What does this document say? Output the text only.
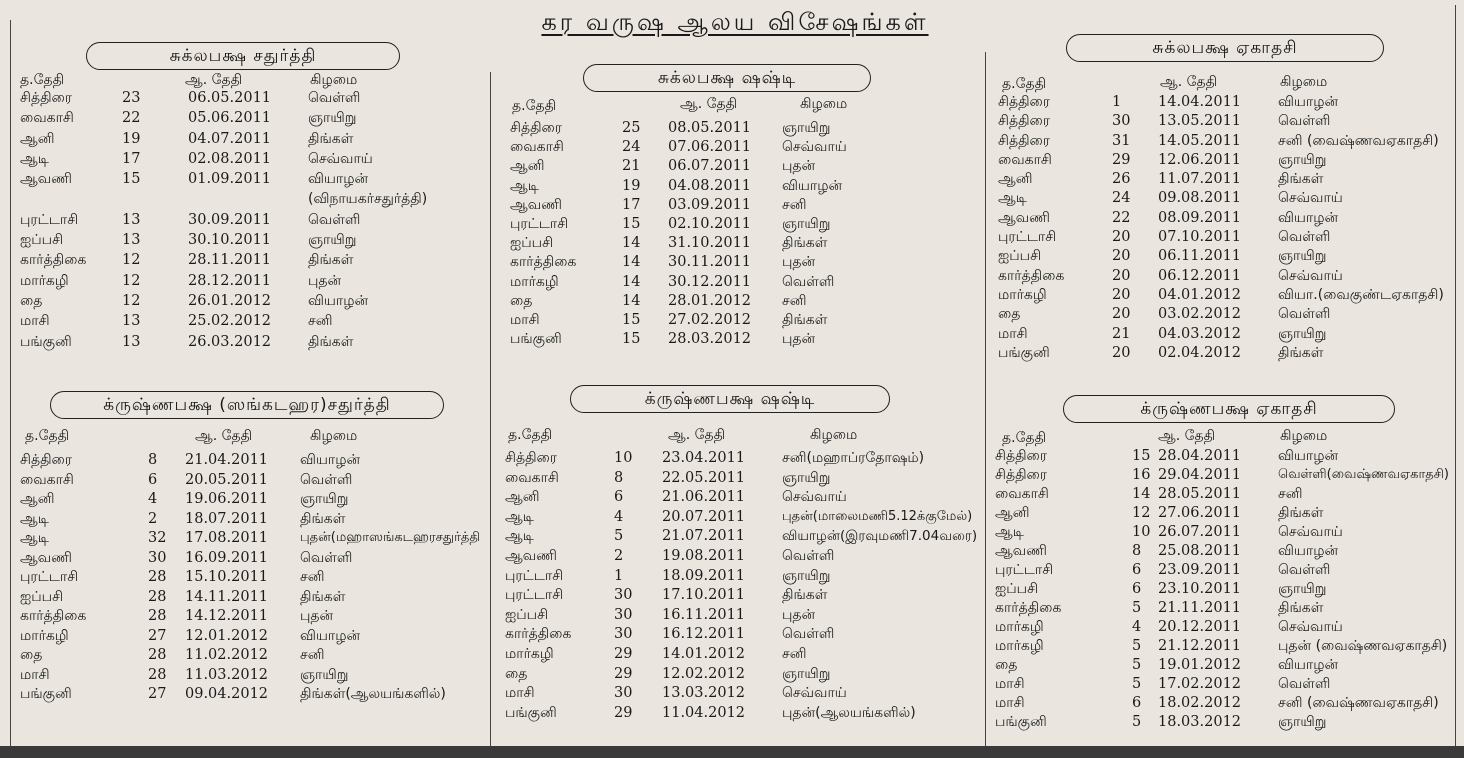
கர வருஷ ஆலய விசேஷங்கள்
சுக்லபக்ஷ சதுர்த்தி
த.தேதி	ஆ. தேதி	கிழமை
சித்திரை	23	06.05.2011	வெள்ளி
வைகாசி	22	05.06.2011	ஞாயிறு
ஆனி	19	04.07.2011	திங்கள்
ஆடி	17	02.08.2011	செவ்வாய்
ஆவணி	15	01.09.2011	வியாழன்
(விநாயகர்சதுர்த்தி)
புரட்டாசி	13	30.09.2011	வெள்ளி
ஐப்பசி	13	30.10.2011	ஞாயிறு
கார்த்திகை 12	28.11.2011	திங்கள்
மார்கழி	12	28.12.2011	புதன்
தை	12	26.01.2012	வியாழன்
மாசி	13	25.02.2012	சனி
பங்குனி	13	26.03.2012	திங்கள்
க்ருஷ்ணபக்ஷ (ஸங்கடஹர)சதுர்த்தி
த.தேதி	ஆ. தேதி	கிழமை
சித்திரை	8 21.04.2011 வியாழன்
வைகாசி	6 20.05.2011 வெள்ளி
ஆனி	4 19.06.2011 ஞாயிறு
ஆடி	2 18.07.2011 திங்கள்
ஆடி	32 17.08.2011 புதன்(மஹாஸங்கடஹரசதுர்த்தி
ஆவணி	30 16.09.2011 வெள்ளி
புரட்டாசி	28 15.10.2011 சனி
ஐப்பசி	28 14.11.2011 திங்கள்
கார்த்திகை	28 14.12.2011 புதன்
மார்கழி	27 12.01.2012 வியாழன்
தை	28 11.02.2012 சனி
மாசி	28 11.03.2012 ஞாயிறு
பங்குனி	27 09.04.2012 திங்கள்(ஆலயங்களில்)
சுக்லபக்ஷ ஷஷ்டி
த.தேதி	ஆ. தேதி	கிழமை
சித்திரை	25 08.05.2011 ஞாயிறு
வைகாசி	24 07.06.2011 செவ்வாய்
ஆனி	21 06.07.2011 புதன்
ஆடி	19 04.08.2011 வியாழன்
ஆவணி	17 03.09.2011 சனி
புரட்டாசி	15 02.10.2011 ஞாயிறு
ஐப்பசி	14 31.10.2011 திங்கள்
கார்த்திகை	14 30.11.2011 புதன்
மார்கழி	14 30.12.2011 வெள்ளி
தை	14 28.01.2012 சனி
மாசி	15 27.02.2012 திங்கள்
பங்குனி	15 28.03.2012 புதன்
க்ருஷ்ணபக்ஷ ஷஷ்டி
த.தேதி	ஆ. தேதி	கிழமை
சித்திரை	10 23.04.2011	சனி(மஹாப்ரதோஷம்)
வைகாசி	8	22.05.2011	ஞாயிறு
ஆனி	6	21.06.2011	செவ்வாய்
ஆடி	4	20.07.2011	புதன்(மாலைமணி5.12க்குமேல்)
ஆடி	5	21.07.2011	வியாழன்(இரவுமணி7.04வரை)
ஆவணி	2	19.08.2011	வெள்ளி
புரட்டாசி	1	18.09.2011	ஞாயிறு
புரட்டாசி	30 17.10.2011	திங்கள்
ஐப்பசி	30 16.11.2011	புதன்
கார்த்திகை	30 16.12.2011	வெள்ளி
மார்கழி	29 14.01.2012	சனி
தை	29 12.02.2012	ஞாயிறு
மாசி	30 13.03.2012	செவ்வாய்
பங்குனி	29 11.04.2012	புதன்(ஆலயங்களில்)
சுக்லபக்ஷ ஏகாதசி
த.தேதி	ஆ. தேதி	கிழமை
சித்திரை	1	14.04.2011	வியாழன்
சித்திரை	30 13.05.2011	வெள்ளி
சித்திரை	31 14.05.2011	சனி (வைஷ்ணவஏகாதசி)
வைகாசி	29 12.06.2011	ஞாயிறு
ஆனி	26 11.07.2011	திங்கள்
ஆடி	24 09.08.2011	செவ்வாய்
ஆவணி	22 08.09.2011	வியாழன்
புரட்டாசி	20 07.10.2011	வெள்ளி
ஐப்பசி	20 06.11.2011	ஞாயிறு
கார்த்திகை	20 06.12.2011	செவ்வாய்
மார்கழி	20 04.01.2012	வியா.(வைகுண்டஏகாதசி)
தை	20 03.02.2012	வெள்ளி
மாசி	21 04.03.2012	ஞாயிறு
பங்குனி	20 02.04.2012	திங்கள்
க்ருஷ்ணபக்ஷ ஏகாதசி
த.தேதி	ஆ. தேதி	கிழமை
சித்திரை	15 28.04.2011	வியாழன்
சித்திரை	16 29.04.2011	வெள்ளி(வைஷ்ணவஏகாதசி)
வைகாசி	14 28.05.2011	சனி
ஆனி	12 27.06.2011	திங்கள்
ஆடி	10 26.07.2011	செவ்வாய்
ஆவணி	8 25.08.2011	வியாழன்
புரட்டாசி	6 23.09.2011	வெள்ளி
ஐப்பசி	6 23.10.2011	ஞாயிறு
கார்த்திகை	5 21.11.2011	திங்கள்
மார்கழி	4 20.12.2011	செவ்வாய்
மார்கழி	5 21.12.2011	புதன் (வைஷ்ணவஏகாதசி)
தை	5 19.01.2012	வியாழன்
மாசி	5 17.02.2012	வெள்ளி
மாசி	6 18.02.2012	சனி (வைஷ்ணவஏகாதசி)
பங்குனி	5 18.03.2012	ஞாயிறு
